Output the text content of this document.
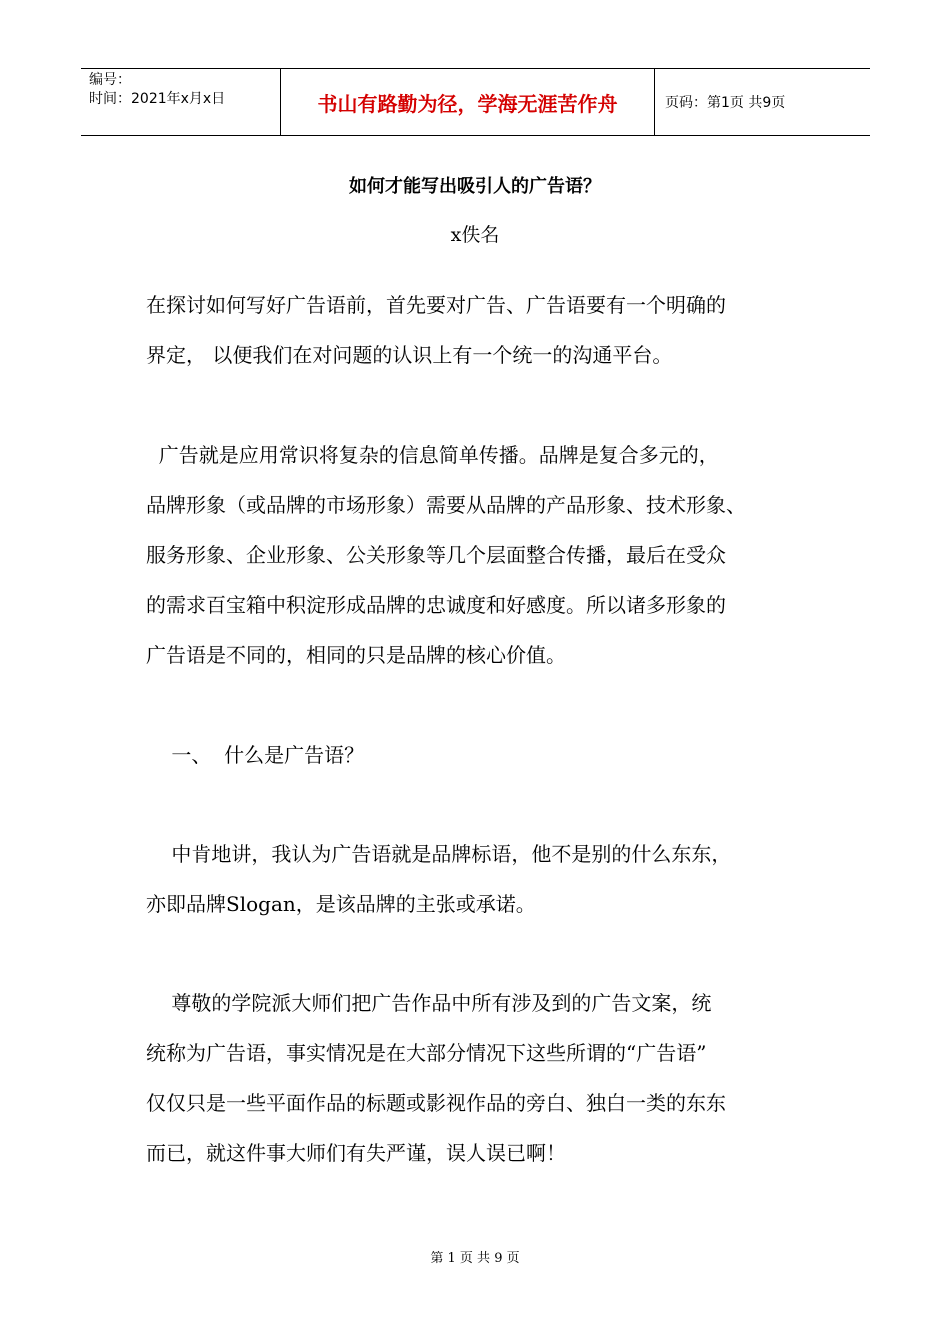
编号：
时间：2021年x月x日	书山有路勤为径，学海无涯苦作舟	页码：第1页 共9页
如何才能写出吸引人的广告语？
x佚名

在探讨如何写好广告语前，首先要对广告、广告语要有一个明确的
界定， 以便我们在对问题的认识上有一个统一的沟通平台。

广告就是应用常识将复杂的信息简单传播。品牌是复合多元的，
品牌形象（或品牌的市场形象）需要从品牌的产品形象、技术形象、
服务形象、企业形象、公关形象等几个层面整合传播，最后在受众
的需求百宝箱中积淀形成品牌的忠诚度和好感度。所以诸多形象的
广告语是不同的，相同的只是品牌的核心价值。

一、  什么是广告语？

中肯地讲，我认为广告语就是品牌标语，他不是别的什么东东，
亦即品牌Slogan，是该品牌的主张或承诺。

尊敬的学院派大师们把广告作品中所有涉及到的广告文案，统
统称为广告语，事实情况是在大部分情况下这些所谓的“广告语”
仅仅只是一些平面作品的标题或影视作品的旁白、独白一类的东东
而已，就这件事大师们有失严谨，误人误已啊！

第 1 页 共 9 页
